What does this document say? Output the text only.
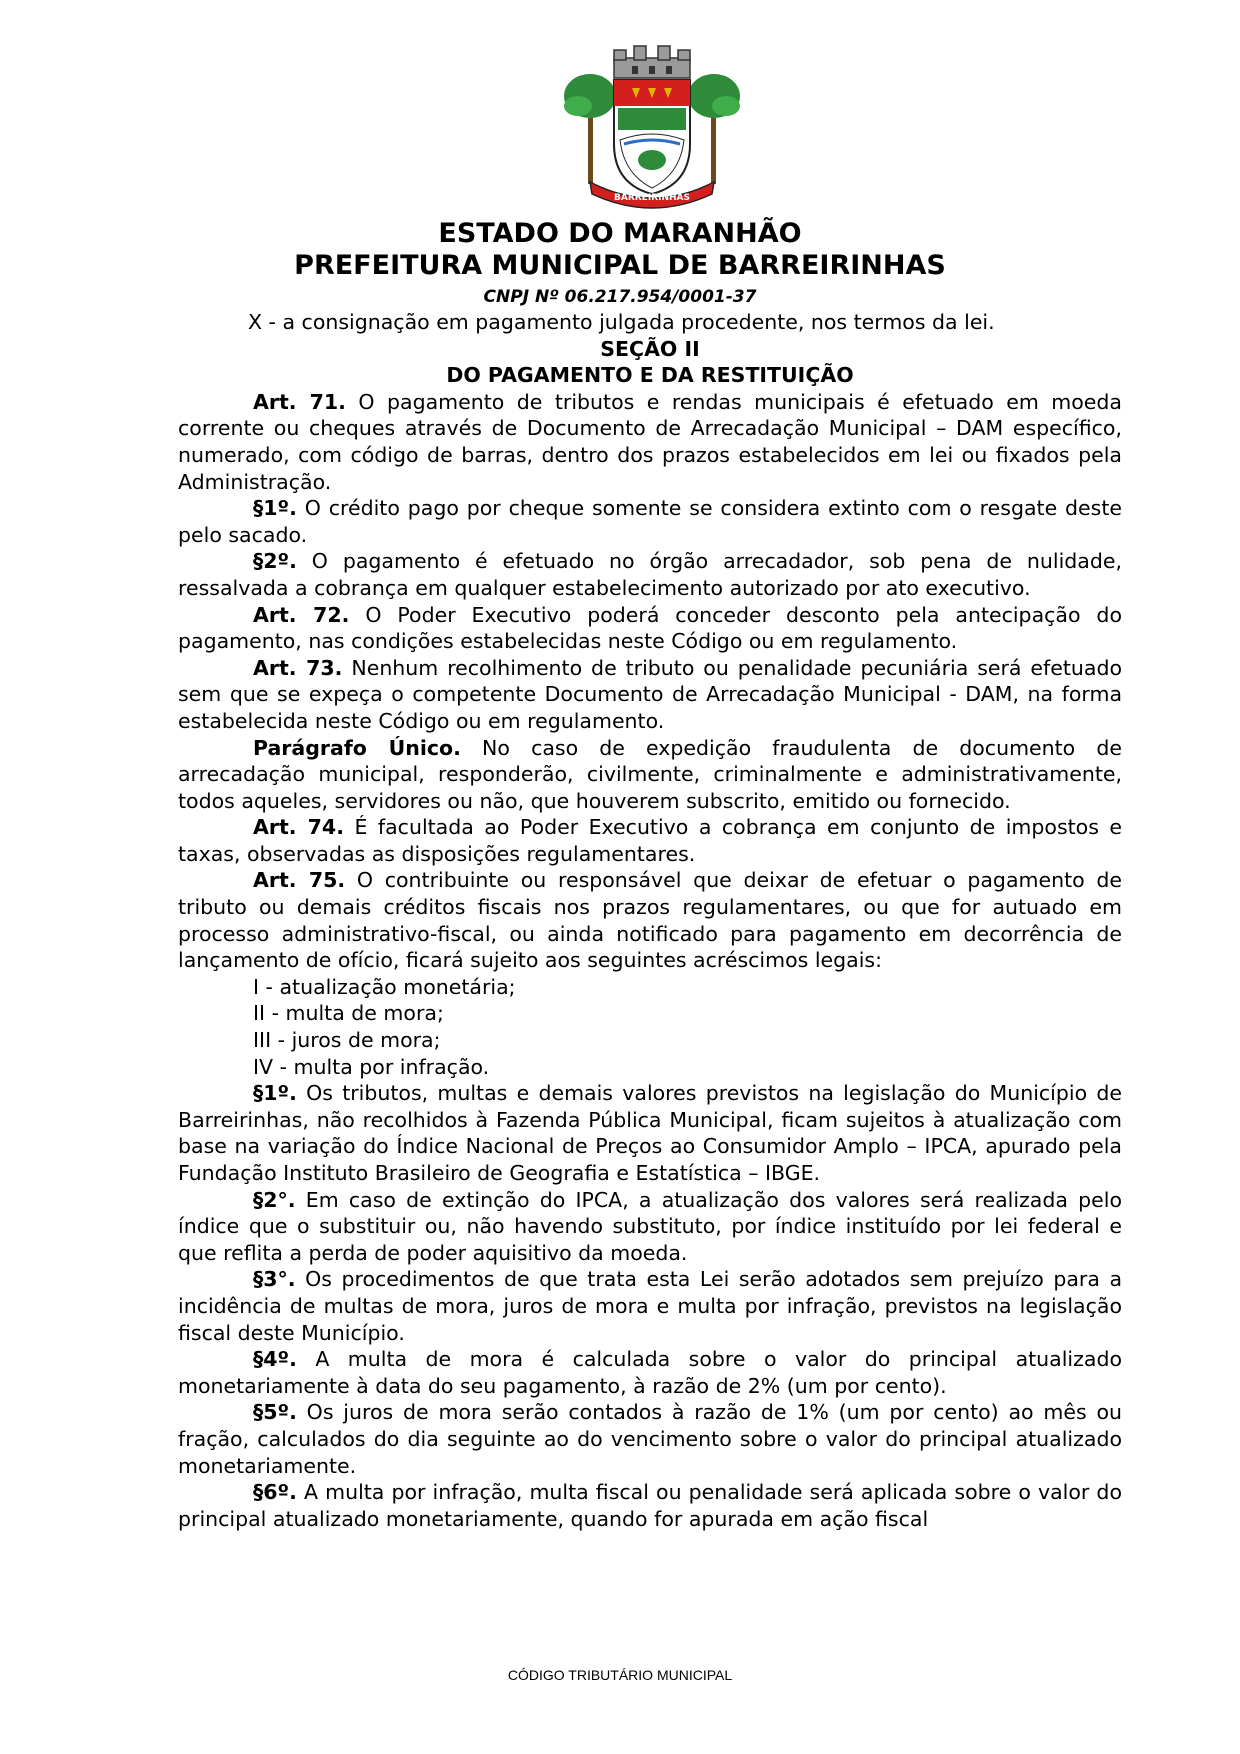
BARREIRINHAS
ESTADO DO MARANHÃO
PREFEITURA MUNICIPAL DE BARREIRINHAS
CNPJ Nº 06.217.954/0001-37

X - a consignação em pagamento julgada procedente, nos termos da lei.

SEÇÃO II

DO PAGAMENTO E DA RESTITUIÇÃO

Art. 71. O pagamento de tributos e rendas municipais é efetuado em moeda corrente ou cheques através de Documento de Arrecadação Municipal – DAM específico, numerado, com código de barras, dentro dos prazos estabelecidos em lei ou fixados pela Administração.

§1º. O crédito pago por cheque somente se considera extinto com o resgate deste pelo sacado.

§2º. O pagamento é efetuado no órgão arrecadador, sob pena de nulidade, ressalvada a cobrança em qualquer estabelecimento autorizado por ato executivo.

Art. 72. O Poder Executivo poderá conceder desconto pela antecipação do pagamento, nas condições estabelecidas neste Código ou em regulamento.

Art. 73. Nenhum recolhimento de tributo ou penalidade pecuniária será efetuado sem que se expeça o competente Documento de Arrecadação Municipal - DAM, na forma estabelecida neste Código ou em regulamento.

Parágrafo Único. No caso de expedição fraudulenta de documento de arrecadação municipal, responderão, civilmente, criminalmente e administrativamente, todos aqueles, servidores ou não, que houverem subscrito, emitido ou fornecido.

Art. 74. É facultada ao Poder Executivo a cobrança em conjunto de impostos e taxas, observadas as disposições regulamentares.

Art. 75. O contribuinte ou responsável que deixar de efetuar o pagamento de tributo ou demais créditos fiscais nos prazos regulamentares, ou que for autuado em processo administrativo-fiscal, ou ainda notificado para pagamento em decorrência de lançamento de ofício, ficará sujeito aos seguintes acréscimos legais:

I - atualização monetária;

II - multa de mora;

III - juros de mora;

IV - multa por infração.

§1º. Os tributos, multas e demais valores previstos na legislação do Município de Barreirinhas, não recolhidos à Fazenda Pública Municipal, ficam sujeitos à atualização com base na variação do Índice Nacional de Preços ao Consumidor Amplo – IPCA, apurado pela Fundação Instituto Brasileiro de Geografia e Estatística – IBGE.

§2°. Em caso de extinção do IPCA, a atualização dos valores será realizada pelo índice que o substituir ou, não havendo substituto, por índice instituído por lei federal e que reflita a perda de poder aquisitivo da moeda.

§3°. Os procedimentos de que trata esta Lei serão adotados sem prejuízo para a incidência de multas de mora, juros de mora e multa por infração, previstos na legislação fiscal deste Município.

§4º. A multa de mora é calculada sobre o valor do principal atualizado monetariamente à data do seu pagamento, à razão de 2% (um por cento).

§5º. Os juros de mora serão contados à razão de 1% (um por cento) ao mês ou fração, calculados do dia seguinte ao do vencimento sobre o valor do principal atualizado monetariamente.

§6º. A multa por infração, multa fiscal ou penalidade será aplicada sobre o valor do principal atualizado monetariamente, quando for apurada em ação fiscal

CÓDIGO TRIBUTÁRIO MUNICIPAL
